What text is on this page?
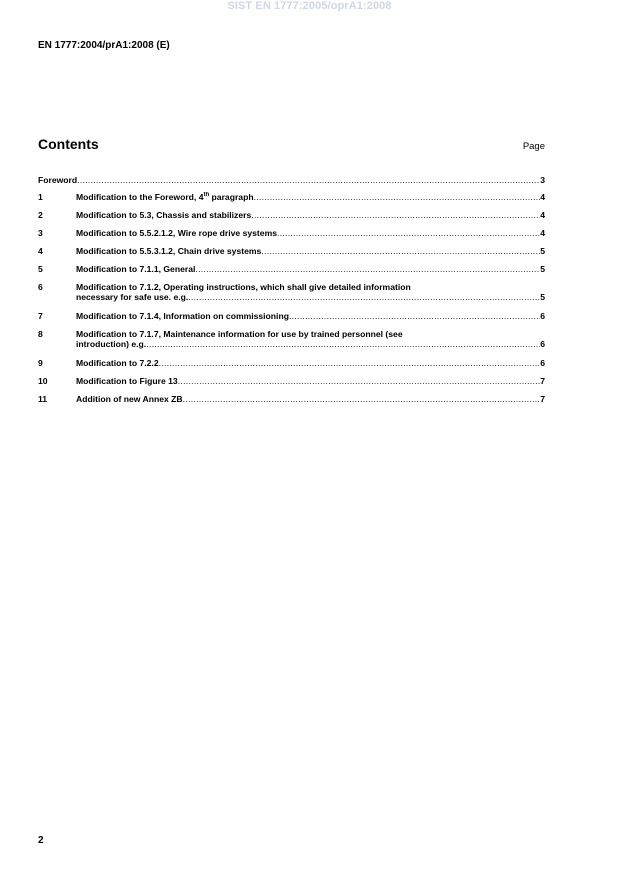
SIST EN 1777:2005/oprA1:2008
EN 1777:2004/prA1:2008 (E)
Contents	Page
Foreword .....	3
1	Modification to the Foreword, 4th paragraph .....	4
2	Modification to 5.3, Chassis and stabilizers .....	4
3	Modification to 5.5.2.1.2, Wire rope drive systems .....	4
4	Modification to 5.5.3.1.2, Chain drive systems .....	5
5	Modification to 7.1.1, General .....	5
6	Modification to 7.1.2, Operating instructions, which shall give detailed information
necessary for safe use. e.g. .....	5
7	Modification to 7.1.4, Information on commissioning .....	6
8	Modification to 7.1.7, Maintenance information for use by trained personnel (see
introduction) e.g. .....	6
9	Modification to 7.2.2 .....	6
10	Modification to Figure 13 .....	7
11	Addition of new Annex ZB .....	7
2
